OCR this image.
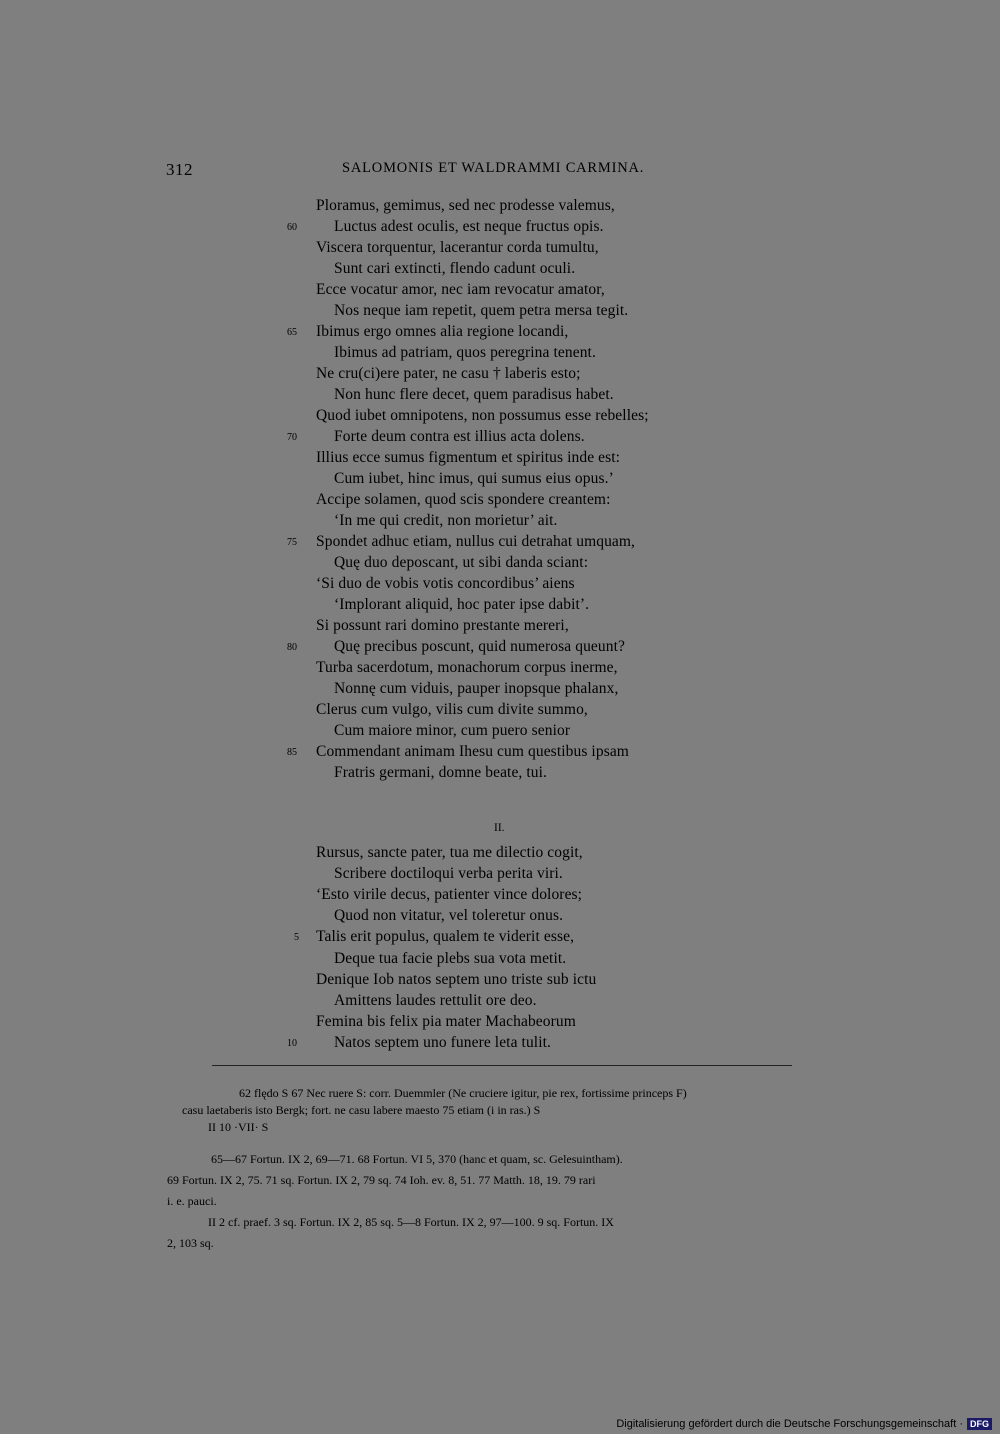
312	SALOMONIS ET WALDRAMMI CARMINA.
Ploramus, gemimus, sed nec prodesse valemus,
Luctus adest oculis, est neque fructus opis.
Viscera torquentur, lacerantur corda tumultu,
Sunt cari extincti, flendo cadunt oculi.
Ecce vocatur amor, nec iam revocatur amator,
Nos neque iam repetit, quem petra mersa tegit.
Ibimus ergo omnes alia regione locandi,
Ibimus ad patriam, quos peregrina tenent.
Ne cru(ci)ere pater, ne casu † laberis esto;
Non hunc flere decet, quem paradisus habet.
Quod iubet omnipotens, non possumus esse rebelles;
Forte deum contra est illius acta dolens.
Illius ecce sumus figmentum et spiritus inde est:
Cum iubet, hinc imus, qui sumus eius opus.’
Accipe solamen, quod scis spondere creantem:
‘In me qui credit, non morietur’ ait.
Spondet adhuc etiam, nullus cui detrahat umquam,
Quę duo deposcant, ut sibi danda sciant:
‘Si duo de vobis votis concordibus’ aiens
‘Implorant aliquid, hoc pater ipse dabit’.
Si possunt rari domino prestante mereri,
Quę precibus poscunt, quid numerosa queunt?
Turba sacerdotum, monachorum corpus inerme,
Nonnę cum viduis, pauper inopsque phalanx,
Clerus cum vulgo, vilis cum divite summo,
Cum maiore minor, cum puero senior
Commendant animam Ihesu cum questibus ipsam
Fratris germani, domne beate, tui.
60
65
70
75
80
85
II.
Rursus, sancte pater, tua me dilectio cogit,
Scribere doctiloqui verba perita viri.
‘Esto virile decus, patienter vince dolores;
Quod non vitatur, vel toleretur onus.
Talis erit populus, qualem te viderit esse,
Deque tua facie plebs sua vota metit.
Denique Iob natos septem uno triste sub ictu
Amittens laudes rettulit ore deo.
Femina bis felix pia mater Machabeorum
Natos septem uno funere leta tulit.
5
10
62 flędo S 67 Nec ruere S: corr. Duemmler (Ne cruciere igitur, pie rex, fortissime princeps F)
casu laetaberis isto Bergk; fort. ne casu labere maesto 75 etiam (i in ras.) S
II 10 ·VII· S
65—67 Fortun. IX 2, 69—71. 68 Fortun. VI 5, 370 (hanc et quam, sc. Gelesuintham).
69 Fortun. IX 2, 75. 71 sq. Fortun. IX 2, 79 sq. 74 Ioh. ev. 8, 51. 77 Matth. 18, 19. 79 rari
i. e. pauci.
II 2 cf. praef. 3 sq. Fortun. IX 2, 85 sq. 5—8 Fortun. IX 2, 97—100. 9 sq. Fortun. IX
2, 103 sq.
Digitalisierung gefördert durch die Deutsche Forschungsgemeinschaft · DFG
